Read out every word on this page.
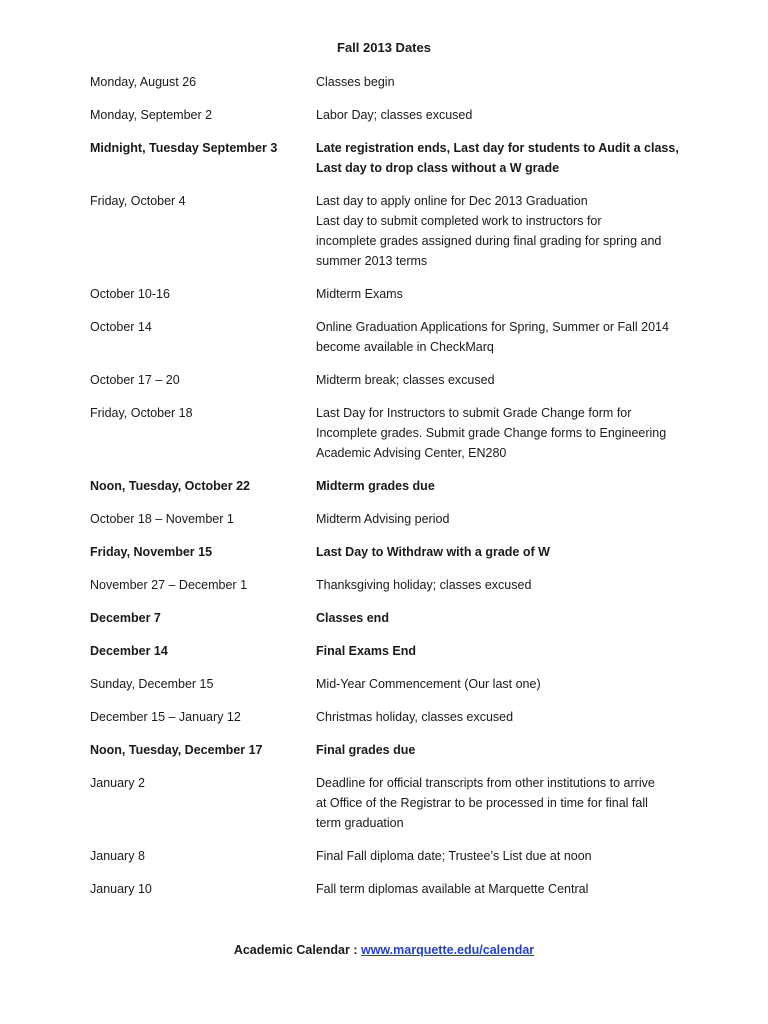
Fall 2013 Dates
Monday, August 26	Classes begin
Monday, September 2	Labor Day; classes excused
Midnight, Tuesday September 3	Late registration ends, Last day for students to Audit a class,
Last day to drop class without a W grade
Friday, October 4	Last day to apply online for Dec 2013 Graduation
Last day to submit completed work to instructors for
incomplete grades assigned during final grading for spring and
summer 2013 terms
October 10-16	Midterm Exams
October 14	Online Graduation Applications for Spring, Summer or Fall 2014
become available in CheckMarq
October 17 – 20	Midterm break; classes excused
Friday, October 18	Last Day for Instructors to submit Grade Change form for
Incomplete grades. Submit grade Change forms to Engineering
Academic Advising Center, EN280
Noon, Tuesday, October 22	Midterm grades due
October 18 – November 1	Midterm Advising period
Friday, November 15	Last Day to Withdraw with a grade of W
November 27 – December 1	Thanksgiving holiday; classes excused
December 7	Classes end
December 14	Final Exams End
Sunday, December 15	Mid-Year Commencement (Our last one)
December 15 – January 12	Christmas holiday, classes excused
Noon, Tuesday, December 17	Final grades due
January 2	Deadline for official transcripts from other institutions to arrive
at Office of the Registrar to be processed in time for final fall
term graduation
January 8	Final Fall diploma date; Trustee’s List due at noon
January 10	Fall term diplomas available at Marquette Central
Academic Calendar : www.marquette.edu/calendar
